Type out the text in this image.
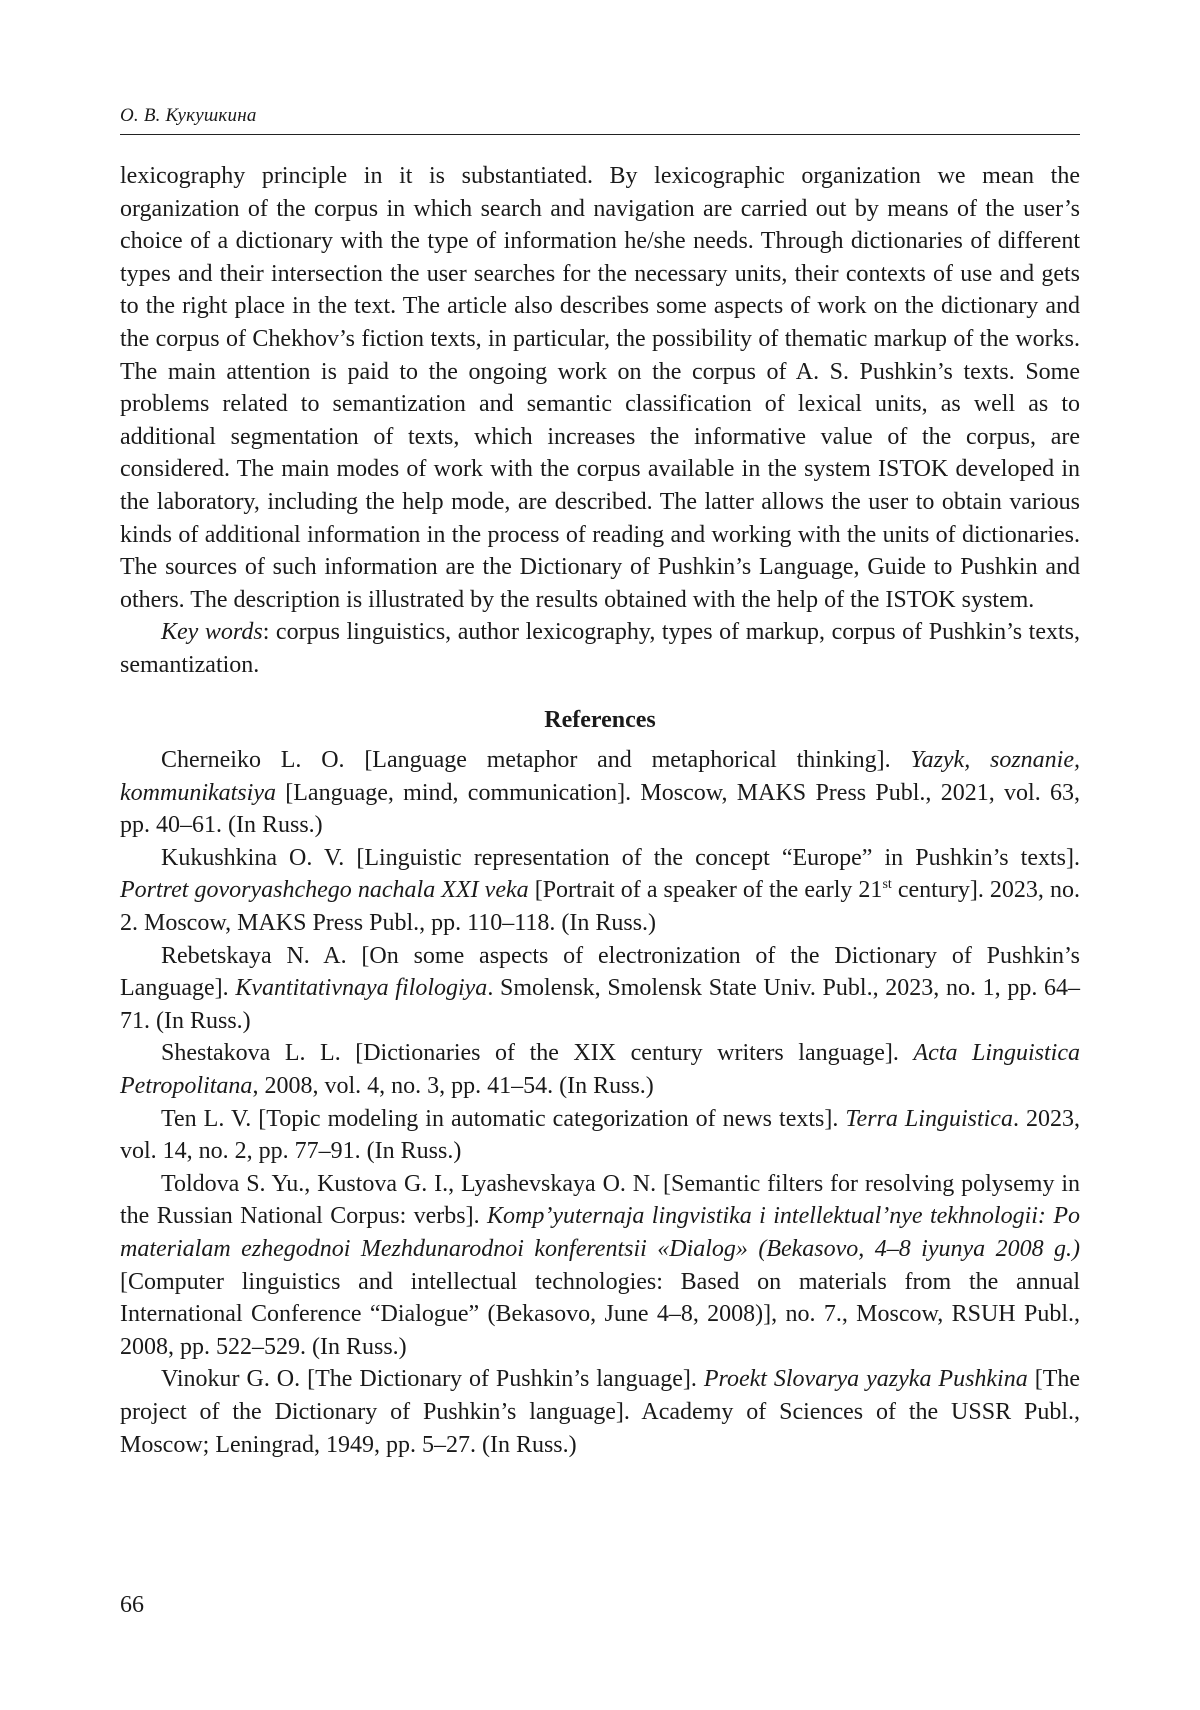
О. В. Кукушкина

lexicography principle in it is substantiated. By lexicographic organization we mean the organization of the corpus in which search and navigation are carried out by means of the user’s choice of a dictionary with the type of information he/she needs. Through dictionaries of different types and their intersection the user searches for the necessary units, their contexts of use and gets to the right place in the text. The article also describes some aspects of work on the dictionary and the corpus of Chekhov’s fiction texts, in particular, the possibility of thematic markup of the works. The main attention is paid to the ongoing work on the corpus of A. S. Pushkin’s texts. Some problems related to semantization and semantic classification of lexical units, as well as to additional segmentation of texts, which increases the informative value of the corpus, are considered. The main modes of work with the corpus available in the system ISTOK developed in the laboratory, including the help mode, are described. The latter allows the user to obtain various kinds of additional information in the process of reading and working with the units of dictionaries. The sources of such information are the Dictionary of Pushkin’s Language, Guide to Pushkin and others. The description is illustrated by the results obtained with the help of the ISTOK system.

Key words: corpus linguistics, author lexicography, types of markup, corpus of Pushkin’s texts, semantization.

References

Cherneiko L. O. [Language metaphor and metaphorical thinking]. Yazyk, soznanie, kommunikatsiya [Language, mind, communication]. Moscow, MAKS Press Publ., 2021, vol. 63, pp. 40–61. (In Russ.)

Kukushkina O. V. [Linguistic representation of the concept “Europe” in Pushkin’s texts]. Portret govoryashchego nachala XXI veka [Portrait of a speaker of the early 21st century]. 2023, no. 2. Moscow, MAKS Press Publ., pp. 110–118. (In Russ.)

Rebetskaya N. A. [On some aspects of electronization of the Dictionary of Pushkin’s Language]. Kvantitativnaya filologiya. Smolensk, Smolensk State Univ. Publ., 2023, no. 1, pp. 64–71. (In Russ.)

Shestakova L. L. [Dictionaries of the XIX century writers language]. Acta Linguistica Petropolitana, 2008, vol. 4, no. 3, pp. 41–54. (In Russ.)

Ten L. V. [Topic modeling in automatic categorization of news texts]. Terra Linguistica. 2023, vol. 14, no. 2, pp. 77–91. (In Russ.)

Toldova S. Yu., Kustova G. I., Lyashevskaya O. N. [Semantic filters for resolving polysemy in the Russian National Corpus: verbs]. Komp’yuternaja lingvistika i intellektual’nye tekhnologii: Po materialam ezhegodnoi Mezhdunarodnoi konferentsii «Dialog» (Bekasovo, 4–8 iyunya 2008 g.) [Computer linguistics and intellectual technologies: Based on materials from the annual International Conference “Dialogue” (Bekasovo, June 4–8, 2008)], no. 7., Moscow, RSUH Publ., 2008, pp. 522–529. (In Russ.)

Vinokur G. O. [The Dictionary of Pushkin’s language]. Proekt Slovarya yazyka Pushkina [The project of the Dictionary of Pushkin’s language]. Academy of Sciences of the USSR Publ., Moscow; Leningrad, 1949, pp. 5–27. (In Russ.)

66
